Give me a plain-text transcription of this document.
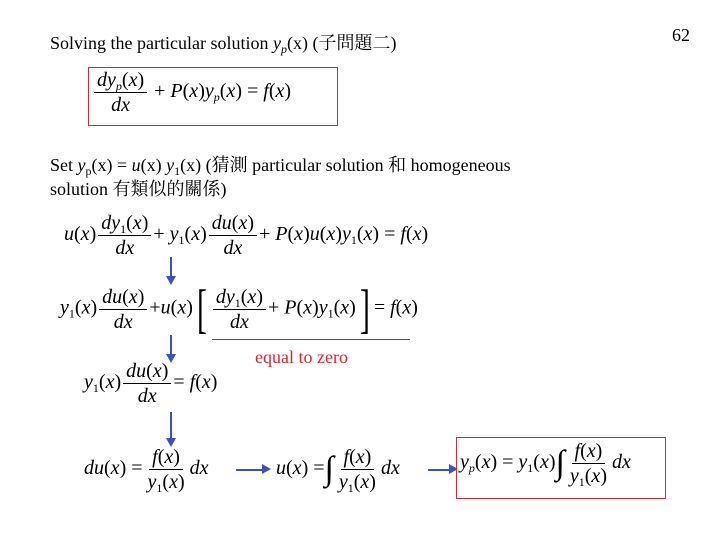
62
Solving the particular solution $y_p(x)$ (子問題二)
$\frac{dy_p(x)}{dx} + P(x)y_p(x) = f(x)$
Set $y_p(x) = u(x)$ $y_1(x)$ (猜測 particular solution 和 homogeneous
solution 有類似的關係)
$u(x) \frac{dy_1(x)}{dx} + y_1(x) \frac{du(x)}{dx} + P(x)u(x)y_1(x) = f(x)$
$y_1(x) \frac{du(x)}{dx} +u(x)[ \frac{dy_1(x)}{dx} + P(x)y_1(x)] = f(x)$
equal to zero
$y_1(x) \frac{du(x)}{dx} = f(x)$
$du(x) = \frac{f(x)}{y_1(x)}$ dx	u(x) =∫ $\frac{f(x)}{y_1(x)}$ dx	$y_p(x) = y_1(x)\int \frac{f(x)}{y_1(x)}$ dx
